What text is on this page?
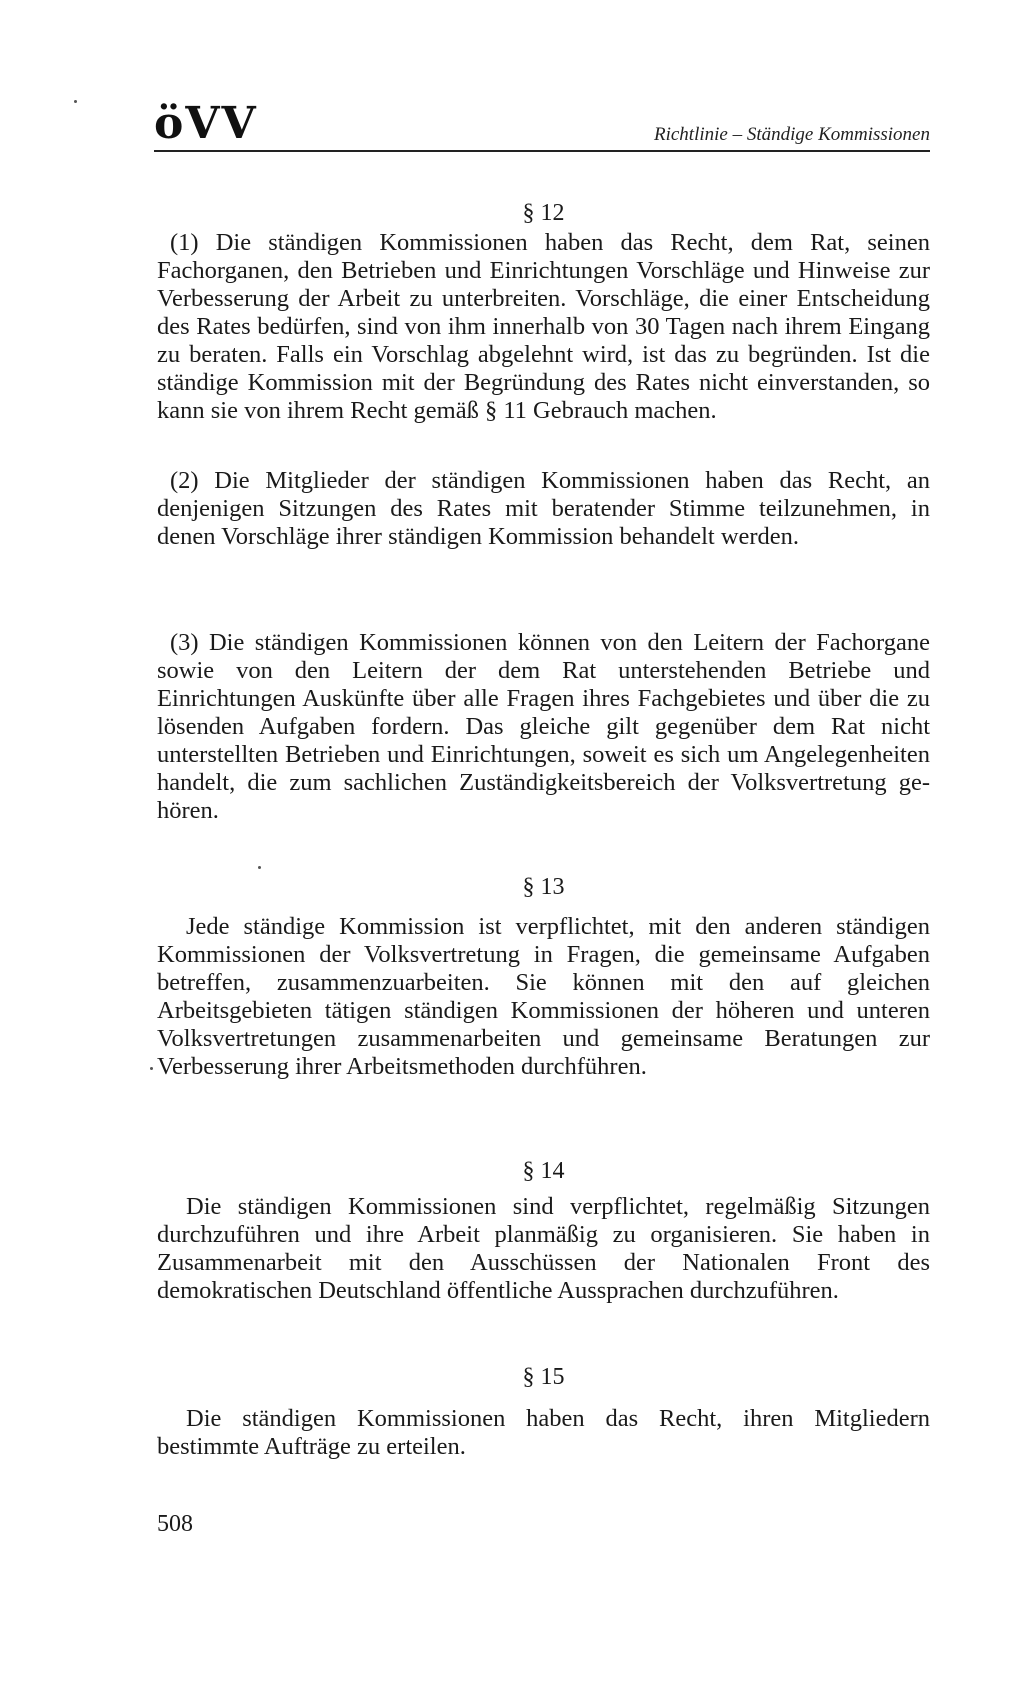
öVV	Richtlinie – Ständige Kommissionen
§ 12
(1) Die ständigen Kommissionen haben das Recht, dem Rat, seinen Fachorganen, den Betrieben und Einrichtungen Vorschläge und Hinweise zur Verbesserung der Arbeit zu unterbreiten. Vorschläge, die einer Entscheidung des Rates bedürfen, sind von ihm innerhalb von 30 Tagen nach ihrem Eingang zu beraten. Falls ein Vorschlag abgelehnt wird, ist das zu begründen. Ist die ständige Kommission mit der Begründung des Rates nicht einverstanden, so kann sie von ihrem Recht gemäß § 11 Gebrauch machen.
(2) Die Mitglieder der ständigen Kommissionen haben das Recht, an denjenigen Sitzungen des Rates mit beratender Stimme teilzunehmen, in denen Vorschläge ihrer ständigen Kommission behandelt werden.
(3) Die ständigen Kommissionen können von den Leitern der Fachorgane sowie von den Leitern der dem Rat unterstehenden Betriebe und Einrichtungen Auskünfte über alle Fragen ihres Fachgebietes und über die zu lösenden Aufgaben fordern. Das gleiche gilt gegenüber dem Rat nicht unterstellten Betrieben und Einrichtungen, soweit es sich um Angelegenheiten handelt, die zum sachlichen Zuständigkeitsbereich der Volksvertretung gehören.
§ 13
Jede ständige Kommission ist verpflichtet, mit den anderen ständigen Kommissionen der Volksvertretung in Fragen, die gemeinsame Aufgaben betreffen, zusammenzuarbeiten. Sie können mit den auf gleichen Arbeitsgebieten tätigen ständigen Kommissionen der höheren und unteren Volksvertretungen zusammenarbeiten und gemeinsame Beratungen zur Verbesserung ihrer Arbeitsmethoden durchführen.
§ 14
Die ständigen Kommissionen sind verpflichtet, regelmäßig Sitzungen durchzuführen und ihre Arbeit planmäßig zu organisieren. Sie haben in Zusammenarbeit mit den Ausschüssen der Nationalen Front des demokratischen Deutschland öffentliche Aussprachen durchzuführen.
§ 15
Die ständigen Kommissionen haben das Recht, ihren Mitgliedern bestimmte Aufträge zu erteilen.
508
